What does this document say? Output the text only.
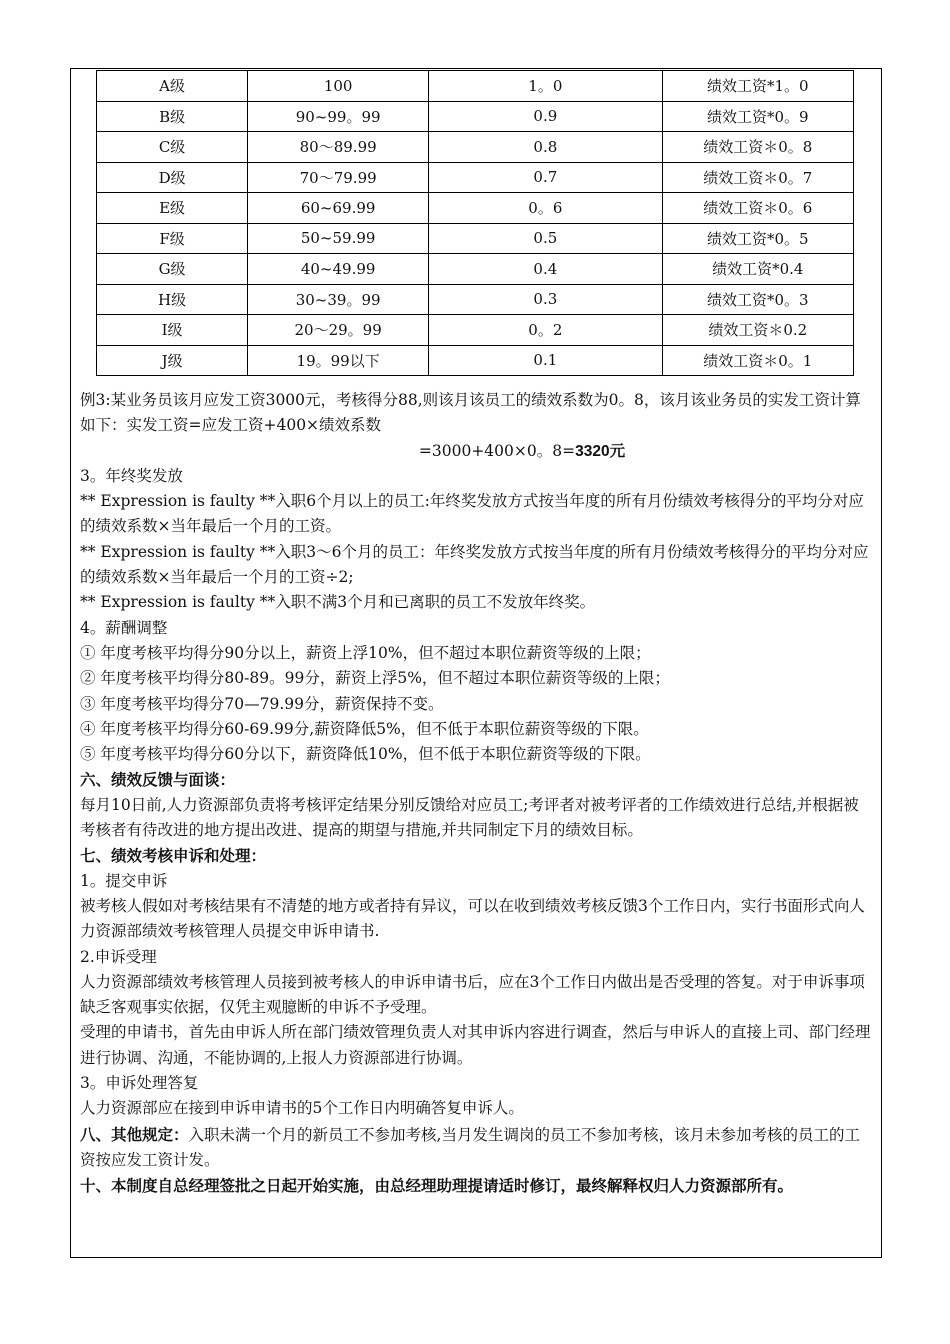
A级	100	1。0	绩效工资*1。0
B级	90~99。99	0.9	绩效工资*0。9
C级	80～89.99	0.8	绩效工资＊0。8
D级	70～79.99	0.7	绩效工资＊0。7
E级	60~69.99	0。6	绩效工资＊0。6
F级	50~59.99	0.5	绩效工资*0。5
G级	40~49.99	0.4	绩效工资*0.4
H级	30~39。99	0.3	绩效工资*0。3
I级	20～29。99	0。2	绩效工资＊0.2
J级	19。99以下	0.1	绩效工资＊0。1

例3:某业务员该月应发工资3000元，考核得分88,则该月该员工的绩效系数为0。8，该月该业务员的实发工资计算如下：实发工资=应发工资+400×绩效系数

=3000+400×0。8=3320元

3。年终奖发放

** Expression is faulty **入职6个月以上的员工:年终奖发放方式按当年度的所有月份绩效考核得分的平均分对应的绩效系数×当年最后一个月的工资。

** Expression is faulty **入职3～6个月的员工：年终奖发放方式按当年度的所有月份绩效考核得分的平均分对应的绩效系数×当年最后一个月的工资÷2;

** Expression is faulty **入职不满3个月和已离职的员工不发放年终奖。

4。薪酬调整

① 年度考核平均得分90分以上，薪资上浮10%，但不超过本职位薪资等级的上限；

② 年度考核平均得分80-89。99分，薪资上浮5%，但不超过本职位薪资等级的上限；

③ 年度考核平均得分70—79.99分，薪资保持不变。

④ 年度考核平均得分60-69.99分,薪资降低5%，但不低于本职位薪资等级的下限。

⑤ 年度考核平均得分60分以下，薪资降低10%，但不低于本职位薪资等级的下限。

六、绩效反馈与面谈：

每月10日前,人力资源部负责将考核评定结果分别反馈给对应员工;考评者对被考评者的工作绩效进行总结,并根据被考核者有待改进的地方提出改进、提高的期望与措施,并共同制定下月的绩效目标。

七、绩效考核申诉和处理：

1。提交申诉

被考核人假如对考核结果有不清楚的地方或者持有异议，可以在收到绩效考核反馈3个工作日内，实行书面形式向人力资源部绩效考核管理人员提交申诉申请书.

2.申诉受理

人力资源部绩效考核管理人员接到被考核人的申诉申请书后，应在3个工作日内做出是否受理的答复。对于申诉事项缺乏客观事实依据，仅凭主观臆断的申诉不予受理。

受理的申请书，首先由申诉人所在部门绩效管理负责人对其申诉内容进行调查，然后与申诉人的直接上司、部门经理进行协调、沟通，不能协调的,上报人力资源部进行协调。

3。申诉处理答复

人力资源部应在接到申诉申请书的5个工作日内明确答复申诉人。

八、其他规定：入职未满一个月的新员工不参加考核,当月发生调岗的员工不参加考核，该月未参加考核的员工的工资按应发工资计发。

十、本制度自总经理签批之日起开始实施，由总经理助理提请适时修订，最终解释权归人力资源部所有。
